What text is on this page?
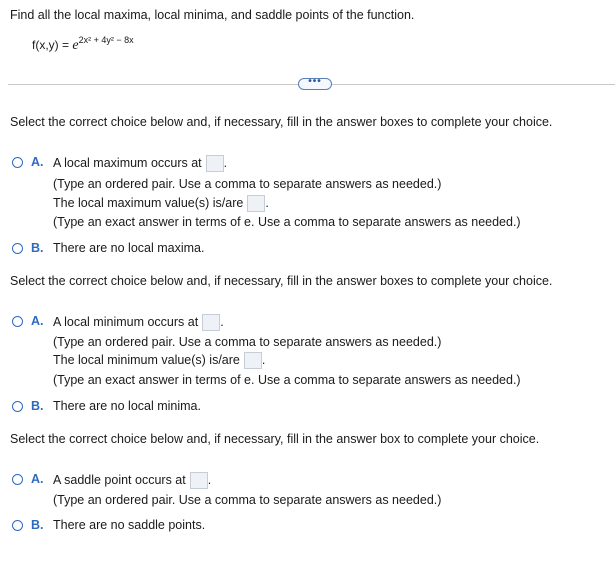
Find all the local maxima, local minima, and saddle points of the function.
$f(x,y) = e^{2x^2 + 4y^2 - 8x}$
•••
Select the correct choice below and, if necessary, fill in the answer boxes to complete your choice.
A. A local maximum occurs at .
(Type an ordered pair. Use a comma to separate answers as needed.)
The local maximum value(s) is/are .
(Type an exact answer in terms of e. Use a comma to separate answers as needed.)
B. There are no local maxima.
Select the correct choice below and, if necessary, fill in the answer boxes to complete your choice.
A. A local minimum occurs at .
(Type an ordered pair. Use a comma to separate answers as needed.)
The local minimum value(s) is/are .
(Type an exact answer in terms of e. Use a comma to separate answers as needed.)
B. There are no local minima.
Select the correct choice below and, if necessary, fill in the answer box to complete your choice.
A. A saddle point occurs at .
(Type an ordered pair. Use a comma to separate answers as needed.)
B. There are no saddle points.
